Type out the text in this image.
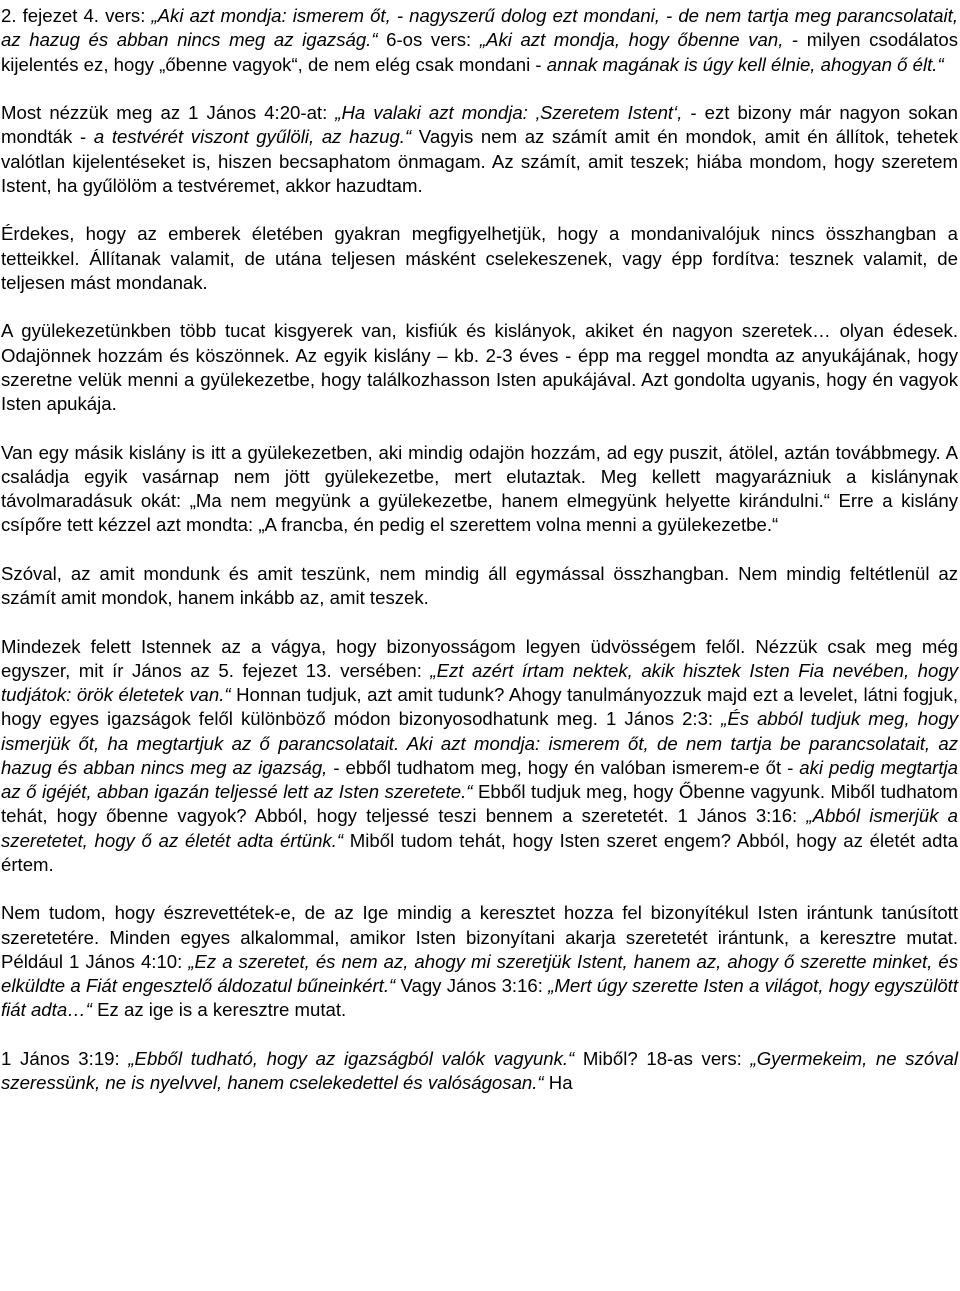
2. fejezet 4. vers: „Aki azt mondja: ismerem őt, - nagyszerű dolog ezt mondani, - de nem tartja meg parancsolatait, az hazug és abban nincs meg az igazság.“ 6-os vers: „Aki azt mondja, hogy őbenne van, - milyen csodálatos kijelentés ez, hogy „őbenne vagyok“, de nem elég csak mondani - annak magának is úgy kell élnie, ahogyan ő élt.“

Most nézzük meg az 1 János 4:20-at: „Ha valaki azt mondja: ‚Szeretem Istent‘, - ezt bizony már nagyon sokan mondták - a testvérét viszont gyűlöli, az hazug.“ Vagyis nem az számít amit én mondok, amit én állítok, tehetek valótlan kijelentéseket is, hiszen becsaphatom önmagam. Az számít, amit teszek; hiába mondom, hogy szeretem Istent, ha gyűlölöm a testvéremet, akkor hazudtam.

Érdekes, hogy az emberek életében gyakran megfigyelhetjük, hogy a mondanivalójuk nincs összhangban a tetteikkel. Állítanak valamit, de utána teljesen másként cselekeszenek, vagy épp fordítva: tesznek valamit, de teljesen mást mondanak.

A gyülekezetünkben több tucat kisgyerek van, kisfiúk és kislányok, akiket én nagyon szeretek… olyan édesek. Odajönnek hozzám és köszönnek. Az egyik kislány – kb. 2-3 éves - épp ma reggel mondta az anyukájának, hogy szeretne velük menni a gyülekezetbe, hogy találkozhasson Isten apukájával. Azt gondolta ugyanis, hogy én vagyok Isten apukája.

Van egy másik kislány is itt a gyülekezetben, aki mindig odajön hozzám, ad egy puszit, átölel, aztán továbbmegy. A családja egyik vasárnap nem jött gyülekezetbe, mert elutaztak. Meg kellett magyarázniuk a kislánynak távolmaradásuk okát: „Ma nem megyünk a gyülekezetbe, hanem elmegyünk helyette kirándulni.“ Erre a kislány csípőre tett kézzel azt mondta: „A francba, én pedig el szerettem volna menni a gyülekezetbe.“

Szóval, az amit mondunk és amit teszünk, nem mindig áll egymással összhangban. Nem mindig feltétlenül az számít amit mondok, hanem inkább az, amit teszek.

Mindezek felett Istennek az a vágya, hogy bizonyosságom legyen üdvösségem felől. Nézzük csak meg még egyszer, mit ír János az 5. fejezet 13. versében: „Ezt azért írtam nektek, akik hisztek Isten Fia nevében, hogy tudjátok: örök életetek van.“ Honnan tudjuk, azt amit tudunk? Ahogy tanulmányozzuk majd ezt a levelet, látni fogjuk, hogy egyes igazságok felől különböző módon bizonyosodhatunk meg. 1 János 2:3: „És abból tudjuk meg, hogy ismerjük őt, ha megtartjuk az ő parancsolatait. Aki azt mondja: ismerem őt, de nem tartja be parancsolatait, az hazug és abban nincs meg az igazság, - ebből tudhatom meg, hogy én valóban ismerem-e őt - aki pedig megtartja az ő igéjét, abban igazán teljessé lett az Isten szeretete.“ Ebből tudjuk meg, hogy Őbenne vagyunk. Miből tudhatom tehát, hogy őbenne vagyok? Abból, hogy teljessé teszi bennem a szeretetét. 1 János 3:16: „Abból ismerjük a szeretetet, hogy ő az életét adta értünk.“ Miből tudom tehát, hogy Isten szeret engem? Abból, hogy az életét adta értem.

Nem tudom, hogy észrevettétek-e, de az Ige mindig a keresztet hozza fel bizonyítékul Isten irántunk tanúsított szeretetére. Minden egyes alkalommal, amikor Isten bizonyítani akarja szeretetét irántunk, a keresztre mutat. Például 1 János 4:10: „Ez a szeretet, és nem az, ahogy mi szeretjük Istent, hanem az, ahogy ő szerette minket, és elküldte a Fiát engesztelő áldozatul bűneinkért.“ Vagy János 3:16: „Mert úgy szerette Isten a világot, hogy egyszülött fiát adta…“ Ez az ige is a keresztre mutat.

1 János 3:19: „Ebből tudható, hogy az igazságból valók vagyunk.“ Miből? 18-as vers: „Gyermekeim, ne szóval szeressünk, ne is nyelvvel, hanem cselekedettel és valóságosan.“ Ha
